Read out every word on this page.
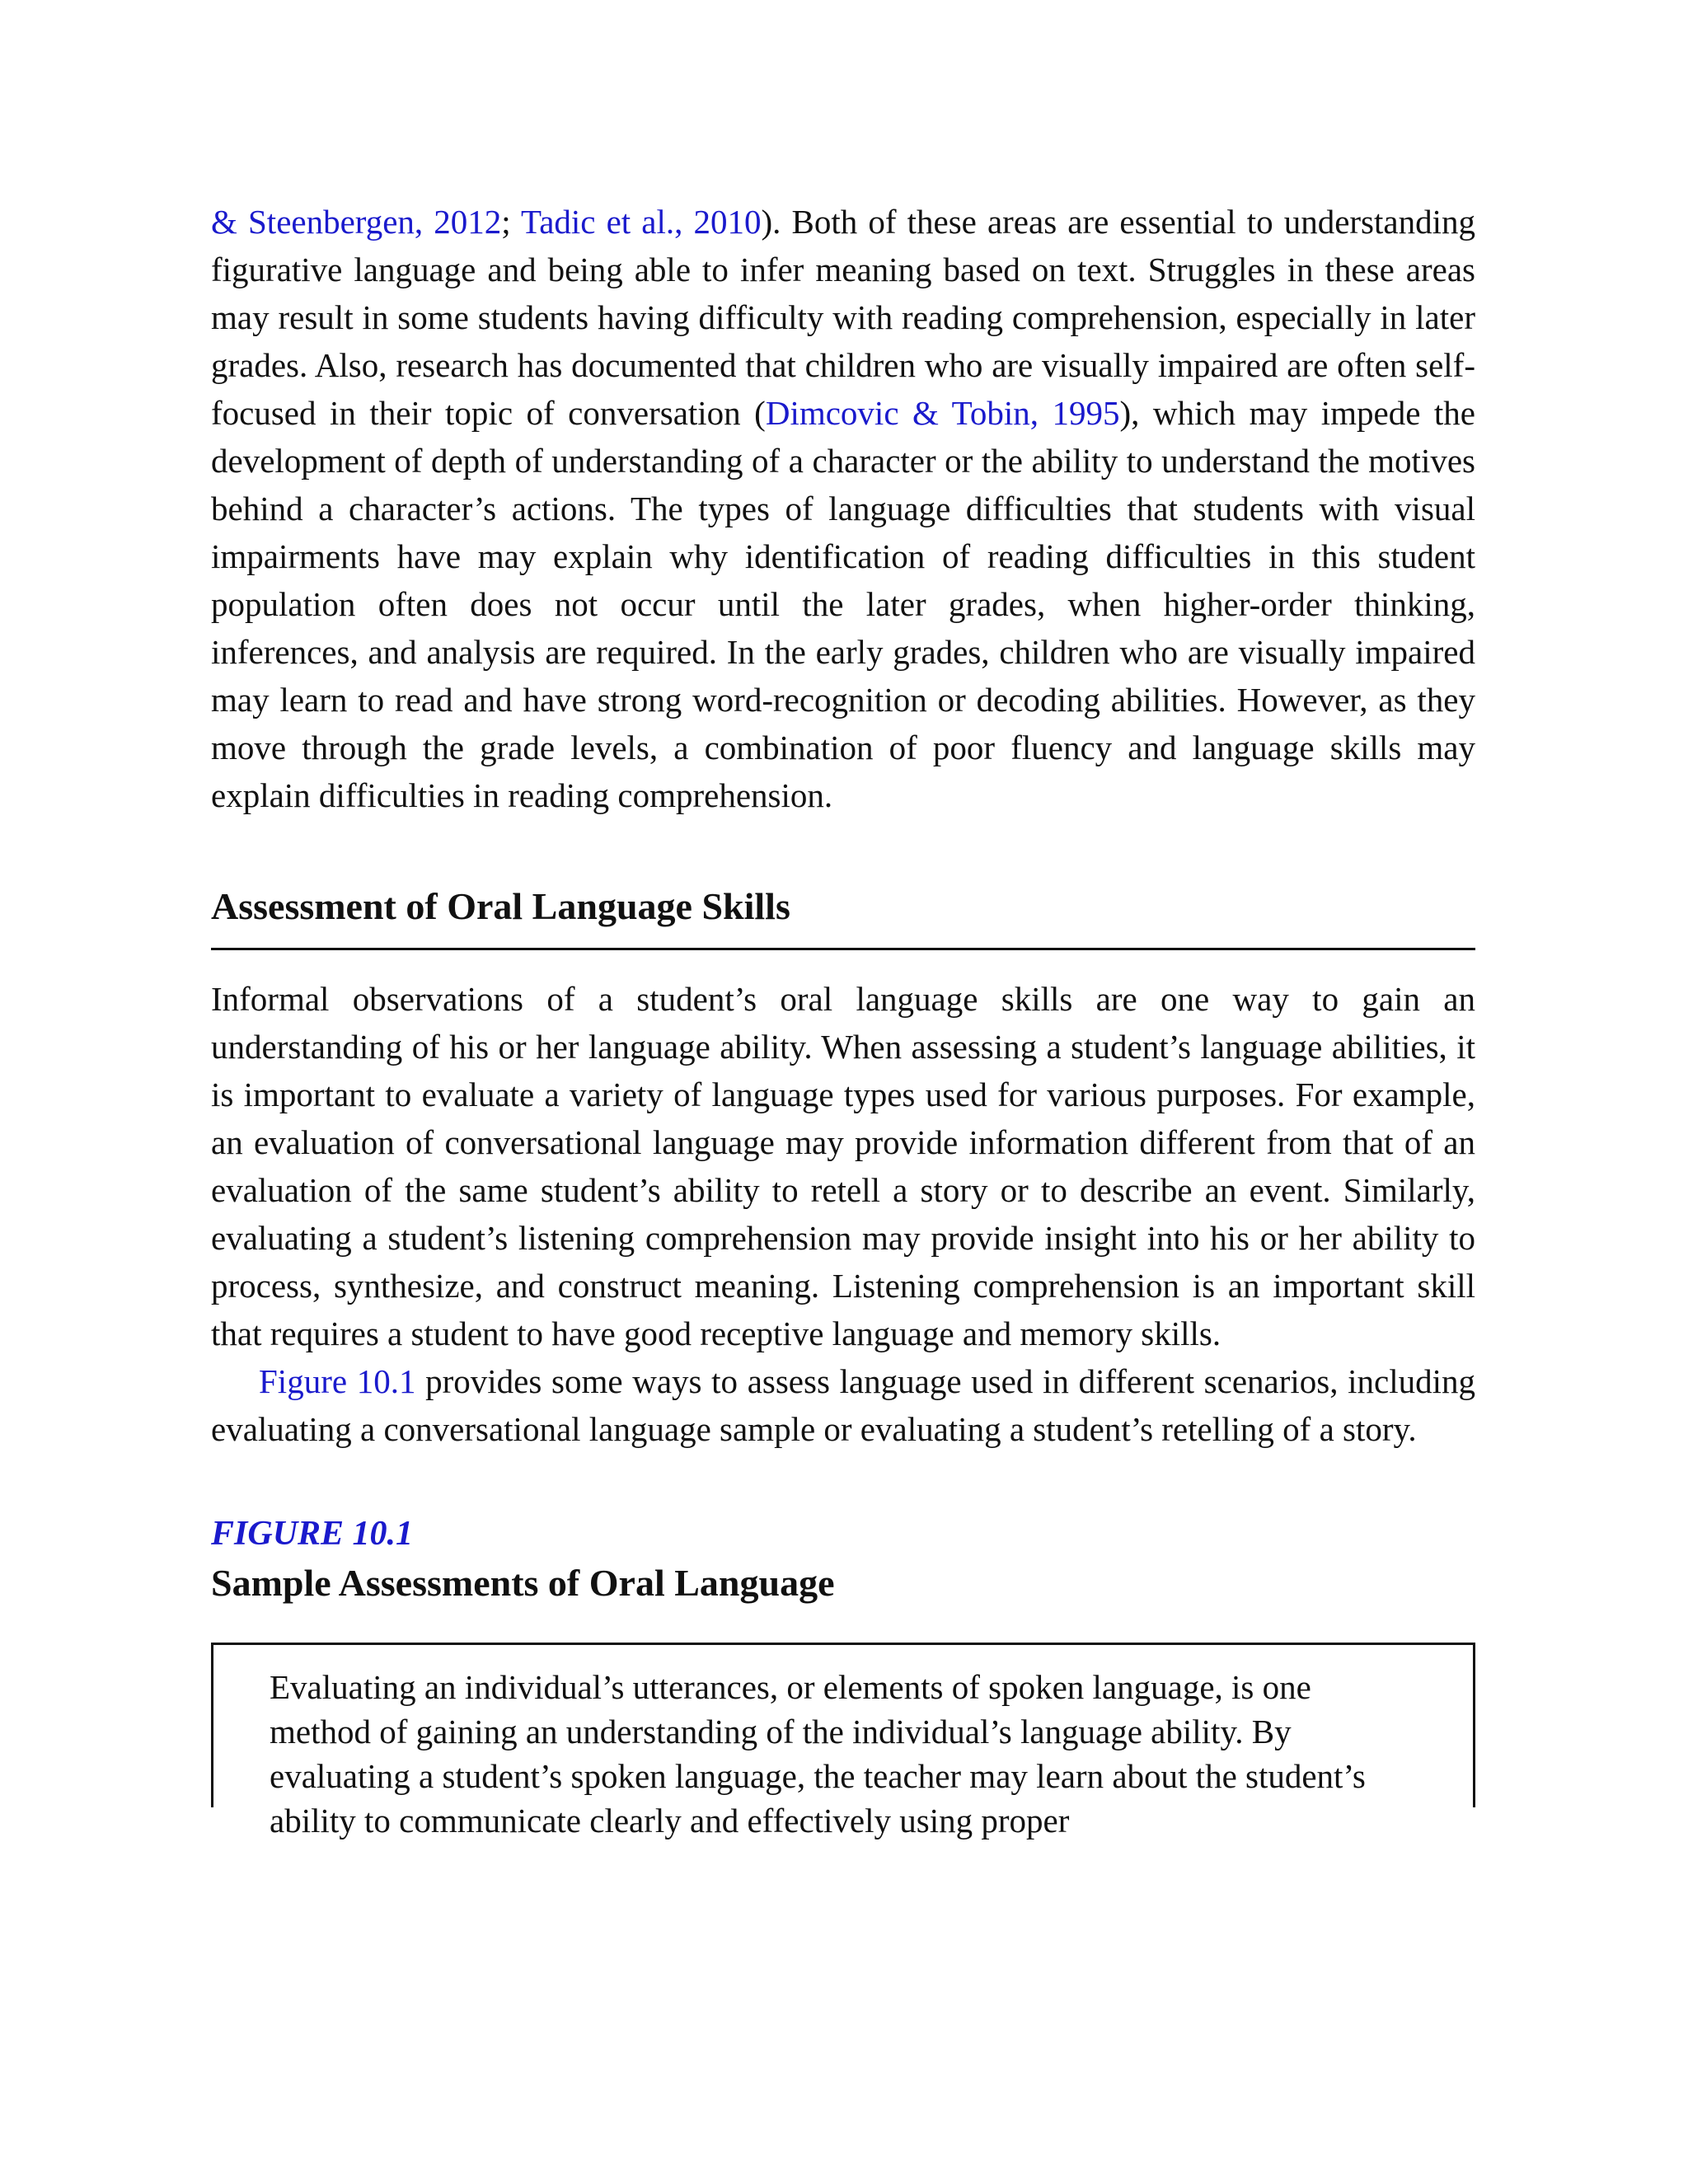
& Steenbergen, 2012; Tadic et al., 2010). Both of these areas are essential to understanding figurative language and being able to infer meaning based on text. Struggles in these areas may result in some students having difficulty with reading comprehension, especially in later grades. Also, research has documented that children who are visually impaired are often self-focused in their topic of conversation (Dimcovic & Tobin, 1995), which may impede the development of depth of understanding of a character or the ability to understand the motives behind a character’s actions. The types of language difficulties that students with visual impairments have may explain why identification of reading difficulties in this student population often does not occur until the later grades, when higher-order thinking, inferences, and analysis are required. In the early grades, children who are visually impaired may learn to read and have strong word-recognition or decoding abilities. However, as they move through the grade levels, a combination of poor fluency and language skills may explain difficulties in reading comprehension.

Assessment of Oral Language Skills

Informal observations of a student’s oral language skills are one way to gain an understanding of his or her language ability. When assessing a student’s language abilities, it is important to evaluate a variety of language types used for various purposes. For example, an evaluation of conversational language may provide information different from that of an evaluation of the same student’s ability to retell a story or to describe an event. Similarly, evaluating a student’s listening comprehension may provide insight into his or her ability to process, synthesize, and construct meaning. Listening comprehension is an important skill that requires a student to have good receptive language and memory skills.

Figure 10.1 provides some ways to assess language used in different scenarios, including evaluating a conversational language sample or evaluating a student’s retelling of a story.

FIGURE 10.1
Sample Assessments of Oral Language

Evaluating an individual’s utterances, or elements of spoken language, is one method of gaining an understanding of the individual’s language ability. By evaluating a student’s spoken language, the teacher may learn about the student’s ability to communicate clearly and effectively using proper
